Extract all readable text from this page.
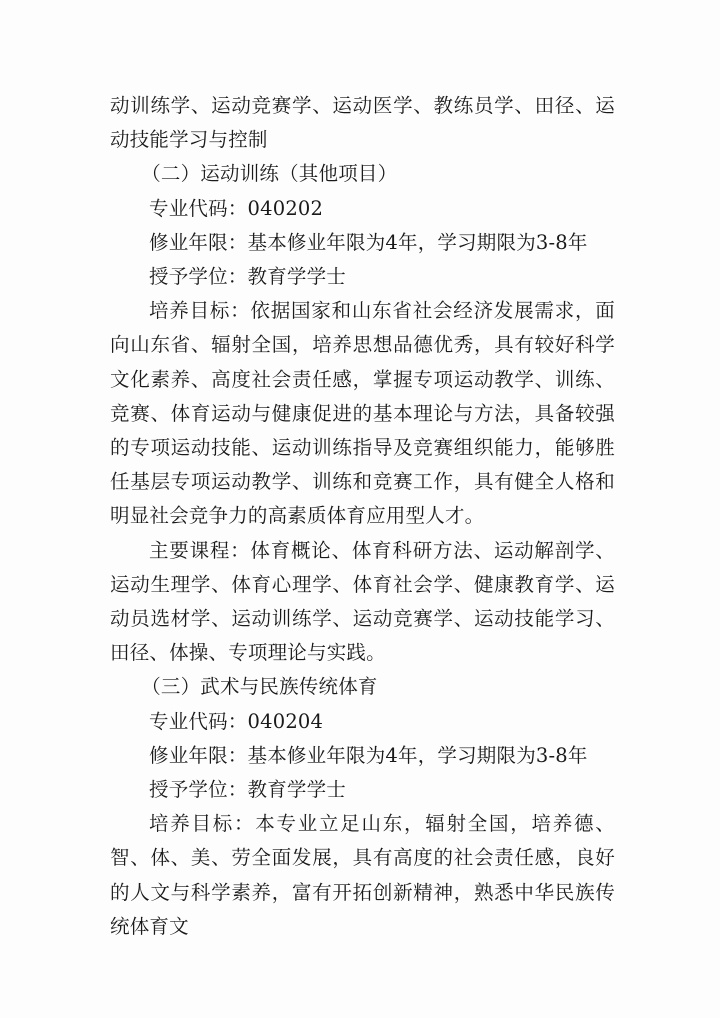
动训练学、运动竞赛学、运动医学、教练员学、田径、运动技能学习与控制

（二）运动训练（其他项目）

专业代码：040202

修业年限：基本修业年限为4年，学习期限为3-8年

授予学位：教育学学士

培养目标：依据国家和山东省社会经济发展需求，面向山东省、辐射全国，培养思想品德优秀，具有较好科学文化素养、高度社会责任感，掌握专项运动教学、训练、竞赛、体育运动与健康促进的基本理论与方法，具备较强的专项运动技能、运动训练指导及竞赛组织能力，能够胜任基层专项运动教学、训练和竞赛工作，具有健全人格和明显社会竞争力的高素质体育应用型人才。

主要课程：体育概论、体育科研方法、运动解剖学、运动生理学、体育心理学、体育社会学、健康教育学、运动员选材学、运动训练学、运动竞赛学、运动技能学习、田径、体操、专项理论与实践。

（三）武术与民族传统体育

专业代码：040204

修业年限：基本修业年限为4年，学习期限为3-8年

授予学位：教育学学士

培养目标：本专业立足山东，辐射全国，培养德、智、体、美、劳全面发展，具有高度的社会责任感，良好的人文与科学素养，富有开拓创新精神，熟悉中华民族传统体育文
